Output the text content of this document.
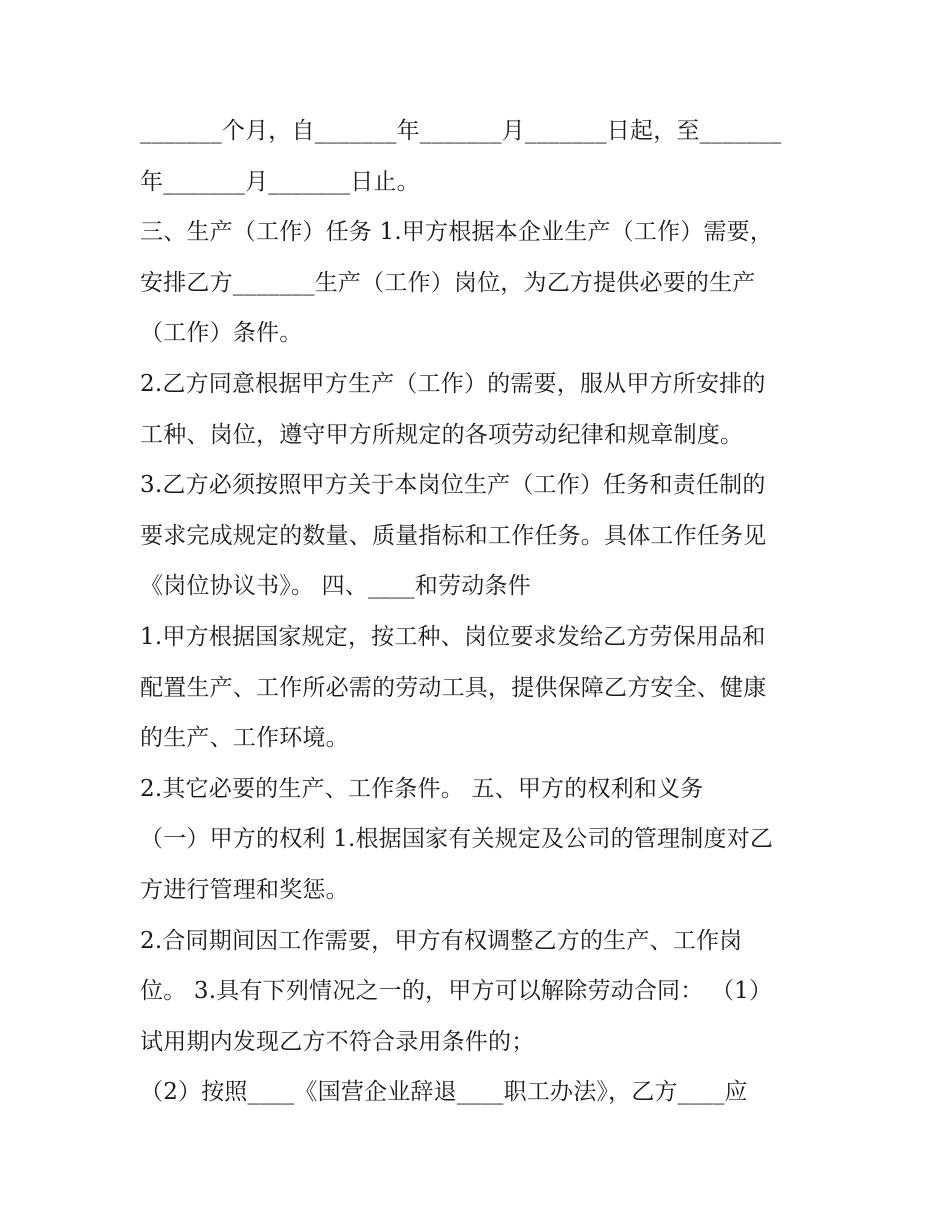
_______个月，自_______年_______月_______日起，至_______
年_______月_______日止。
三、生产（工作）任务 1.甲方根据本企业生产（工作）需要，
安排乙方_______生产（工作）岗位，为乙方提供必要的生产
（工作）条件。
2.乙方同意根据甲方生产（工作）的需要，服从甲方所安排的
工种、岗位，遵守甲方所规定的各项劳动纪律和规章制度。
3.乙方必须按照甲方关于本岗位生产（工作）任务和责任制的
要求完成规定的数量、质量指标和工作任务。具体工作任务见
《岗位协议书》。 四、____和劳动条件
1.甲方根据国家规定，按工种、岗位要求发给乙方劳保用品和
配置生产、工作所必需的劳动工具，提供保障乙方安全、健康
的生产、工作环境。
2.其它必要的生产、工作条件。 五、甲方的权利和义务
（一）甲方的权利 1.根据国家有关规定及公司的管理制度对乙
方进行管理和奖惩。
2.合同期间因工作需要，甲方有权调整乙方的生产、工作岗
位。 3.具有下列情况之一的，甲方可以解除劳动合同： （1）
试用期内发现乙方不符合录用条件的；
（2）按照____《国营企业辞退____职工办法》，乙方____应
